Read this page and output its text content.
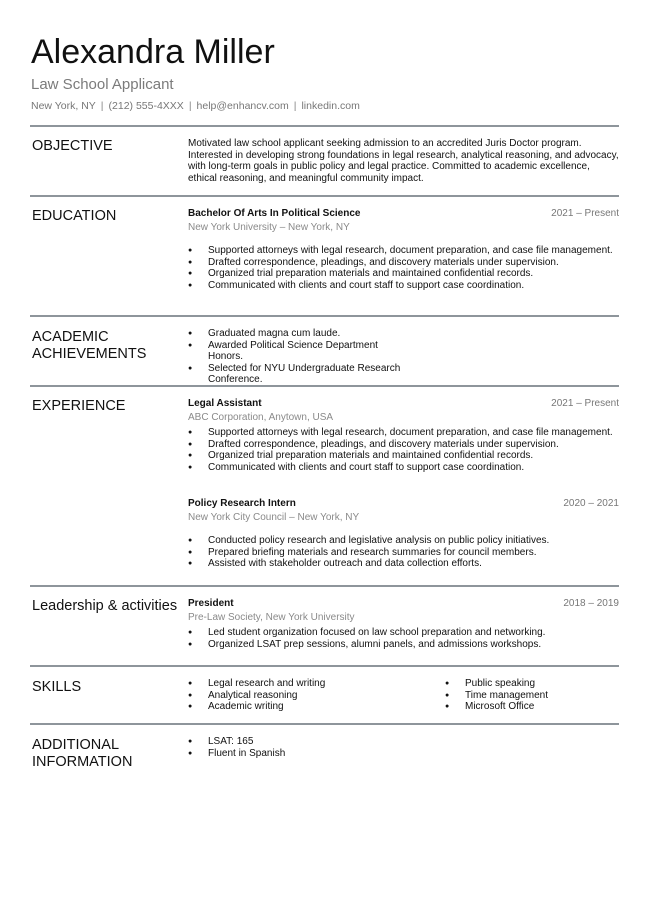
Alexandra Miller
Law School Applicant
New York, NY | (212) 555-4XXX | help@enhancv.com | linkedin.com
OBJECTIVE	Motivated law school applicant seeking admission to an accredited Juris Doctor program. Interested in developing strong foundations in legal research, analytical reasoning, and advocacy, with long-term goals in public policy and legal practice. Committed to academic excellence, ethical reasoning, and meaningful community impact.
EDUCATION	Bachelor Of Arts In Political Science
New York University – New York, NY
2021 – Present
● Supported attorneys with legal research, document preparation, and case file management.
● Drafted correspondence, pleadings, and discovery materials under supervision.
● Organized trial preparation materials and maintained confidential records.
● Communicated with clients and court staff to support case coordination.
ACADEMIC ACHIEVEMENTS
● Graduated magna cum laude.
● Awarded Political Science Department Honors.
● Selected for NYU Undergraduate Research Conference.
EXPERIENCE	Legal Assistant
ABC Corporation, Anytown, USA
2021 – Present
● Supported attorneys with legal research, document preparation, and case file management.
● Drafted correspondence, pleadings, and discovery materials under supervision.
● Organized trial preparation materials and maintained confidential records.
● Communicated with clients and court staff to support case coordination.
Policy Research Intern
New York City Council – New York, NY
2020 – 2021
● Conducted policy research and legislative analysis on public policy initiatives.
● Prepared briefing materials and research summaries for council members.
● Assisted with stakeholder outreach and data collection efforts.
Leadership & activities President
Pre-Law Society, New York University
2018 – 2019
● Led student organization focused on law school preparation and networking.
● Organized LSAT prep sessions, alumni panels, and admissions workshops.
SKILLS
●	Legal research and writing
● Analytical reasoning
● Academic writing
● Public speaking
● Time management
● Microsoft Office
ADDITIONAL INFORMATION
● LSAT: 165
● Fluent in Spanish
